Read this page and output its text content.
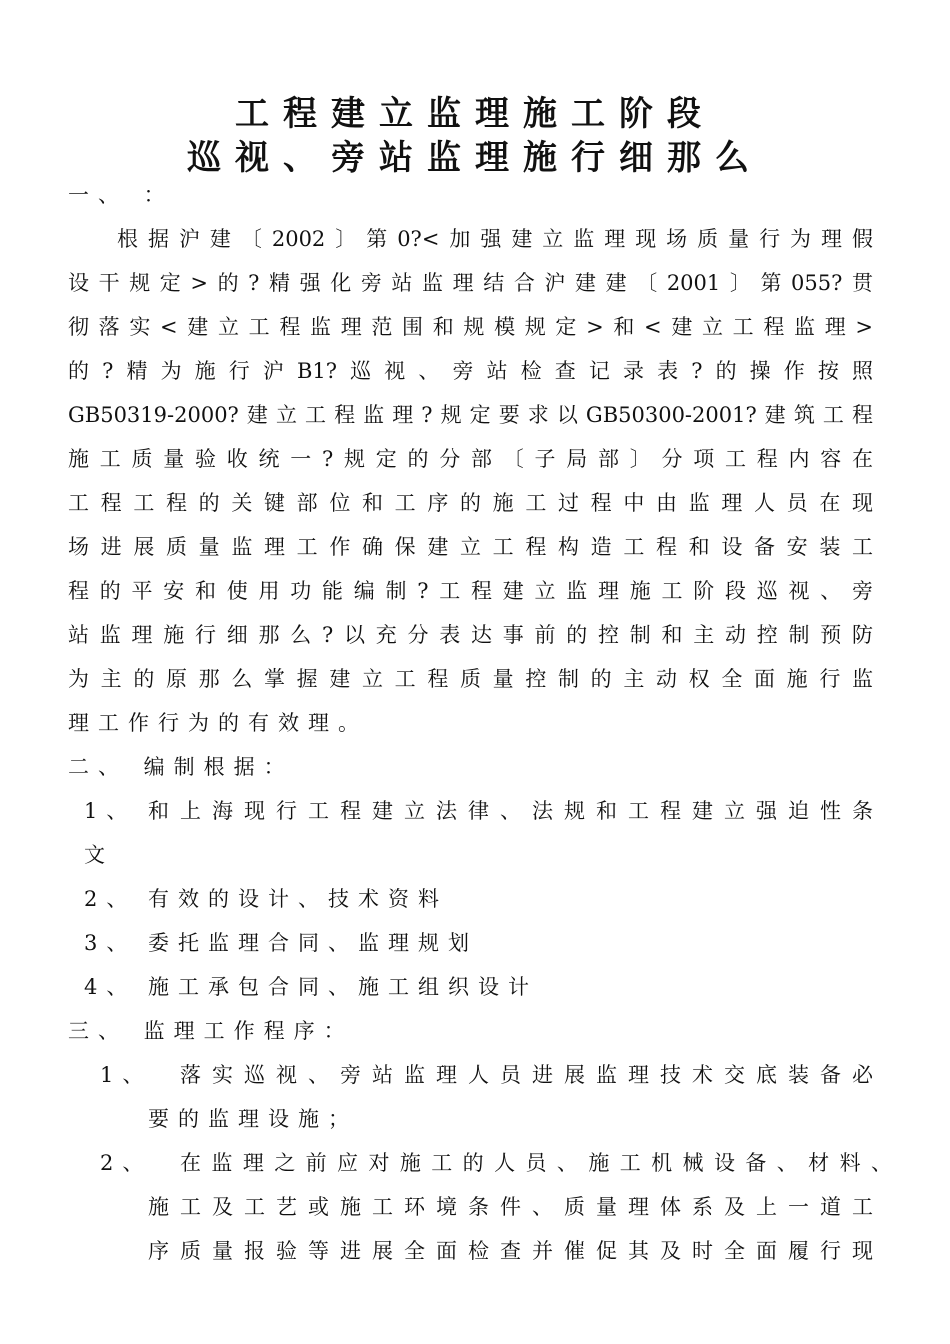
工程建立监理施工阶段
巡视、旁站监理施行细那么
一、 ：
根据沪建〔2002〕第0?<加强建立监理现场质量行为理假
设干规定>的?精强化旁站监理结合沪建建〔2001〕第055?贯
彻落实<建立工程监理范围和规模规定>和<建立工程监理>
的?精为施行沪B1?巡视、旁站检查记录表?的操作按照
GB50319-2000?建立工程监理?规定要求以GB50300-2001?建筑工程
施工质量验收统一?规定的分部〔子局部〕分项工程内容在
工程工程的关键部位和工序的施工过程中由监理人员在现
场进展质量监理工作确保建立工程构造工程和设备安装工
程的平安和使用功能编制?工程建立监理施工阶段巡视、旁
站监理施行细那么?以充分表达事前的控制和主动控制预防
为主的原那么掌握建立工程质量控制的主动权全面施行监
理工作行为的有效理。
二、 编制根据：
1、 和上海现行工程建立法律、法规和工程建立强迫性条
文
2、 有效的设计、技术资料
3、 委托监理合同、监理规划
4、 施工承包合同、施工组织设计
三、 监理工作程序：
1、 落实巡视、旁站监理人员进展监理技术交底装备必
要的监理设施；
2、 在监理之前应对施工的人员、施工机械设备、材料、
施工及工艺或施工环境条件、质量理体系及上一道工
序质量报验等进展全面检查并催促其及时全面履行现
